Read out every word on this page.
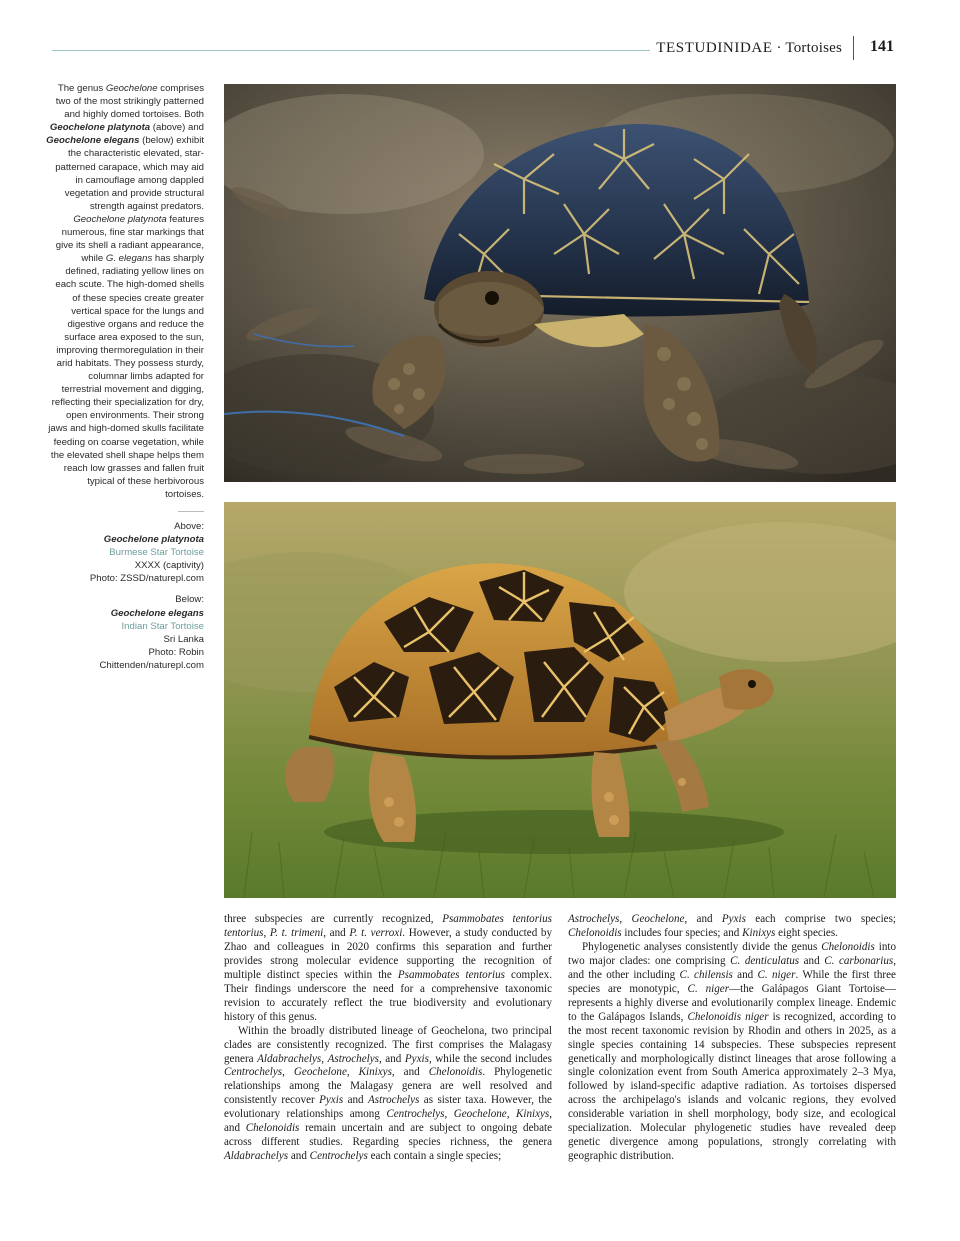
TESTUDINIDAE · Tortoises 141

The genus Geochelone comprises two of the most strikingly patterned and highly domed tortoises. Both Geochelone platynota (above) and Geochelone elegans (below) exhibit the characteristic elevated, star-patterned carapace, which may aid in camouflage among dappled vegetation and provide structural strength against predators. Geochelone platynota features numerous, fine star markings that give its shell a radiant appearance, while G. elegans has sharply defined, radiating yellow lines on each scute. The high-domed shells of these species create greater vertical space for the lungs and digestive organs and reduce the surface area exposed to the sun, improving thermoregulation in their arid habitats. They possess sturdy, columnar limbs adapted for terrestrial movement and digging, reflecting their specialization for dry, open environments. Their strong jaws and high-domed skulls facilitate feeding on coarse vegetation, while the elevated shell shape helps them reach low grasses and fallen fruit typical of these herbivorous tortoises.

Above:
Geochelone platynota
Burmese Star Tortoise
XXXX (captivity)
Photo: ZSSD/naturepl.com
Below:
Geochelone elegans
Indian Star Tortoise
Sri Lanka
Photo: Robin Chittenden/naturepl.com

three subspecies are currently recognized, Psammobates tentorius tentorius, P. t. trimeni, and P. t. verroxi. However, a study conducted by Zhao and colleagues in 2020 confirms this separation and further provides strong molecular evidence supporting the recognition of multiple distinct species within the Psammobates tentorius complex. Their findings underscore the need for a comprehensive taxonomic revision to accurately reflect the true biodiversity and evolutionary history of this genus.

Within the broadly distributed lineage of Geochelona, two principal clades are consistently recognized. The first comprises the Malagasy genera Aldabrachelys, Astrochelys, and Pyxis, while the second includes Centrochelys, Geochelone, Kinixys, and Chelonoidis. Phylogenetic relationships among the Malagasy genera are well resolved and consistently recover Pyxis and Astrochelys as sister taxa. However, the evolutionary relationships among Centrochelys, Geochelone, Kinixys, and Chelonoidis remain uncertain and are subject to ongoing debate across different studies. Regarding species richness, the genera Aldabrachelys and Centrochelys each contain a single species;

Astrochelys, Geochelone, and Pyxis each comprise two species; Chelonoidis includes four species; and Kinixys eight species.

Phylogenetic analyses consistently divide the genus Chelonoidis into two major clades: one comprising C. denticulatus and C. carbonarius, and the other including C. chilensis and C. niger. While the first three species are monotypic, C. niger—the Galápagos Giant Tortoise—represents a highly diverse and evolutionarily complex lineage. Endemic to the Galápagos Islands, Chelonoidis niger is recognized, according to the most recent taxonomic revision by Rhodin and others in 2025, as a single species containing 14 subspecies. These subspecies represent genetically and morphologically distinct lineages that arose following a single colonization event from South America approximately 2–3 Mya, followed by island-specific adaptive radiation. As tortoises dispersed across the archipelago's islands and volcanic regions, they evolved considerable variation in shell morphology, body size, and ecological specialization. Molecular phylogenetic studies have revealed deep genetic divergence among populations, strongly correlating with geographic distribution.
